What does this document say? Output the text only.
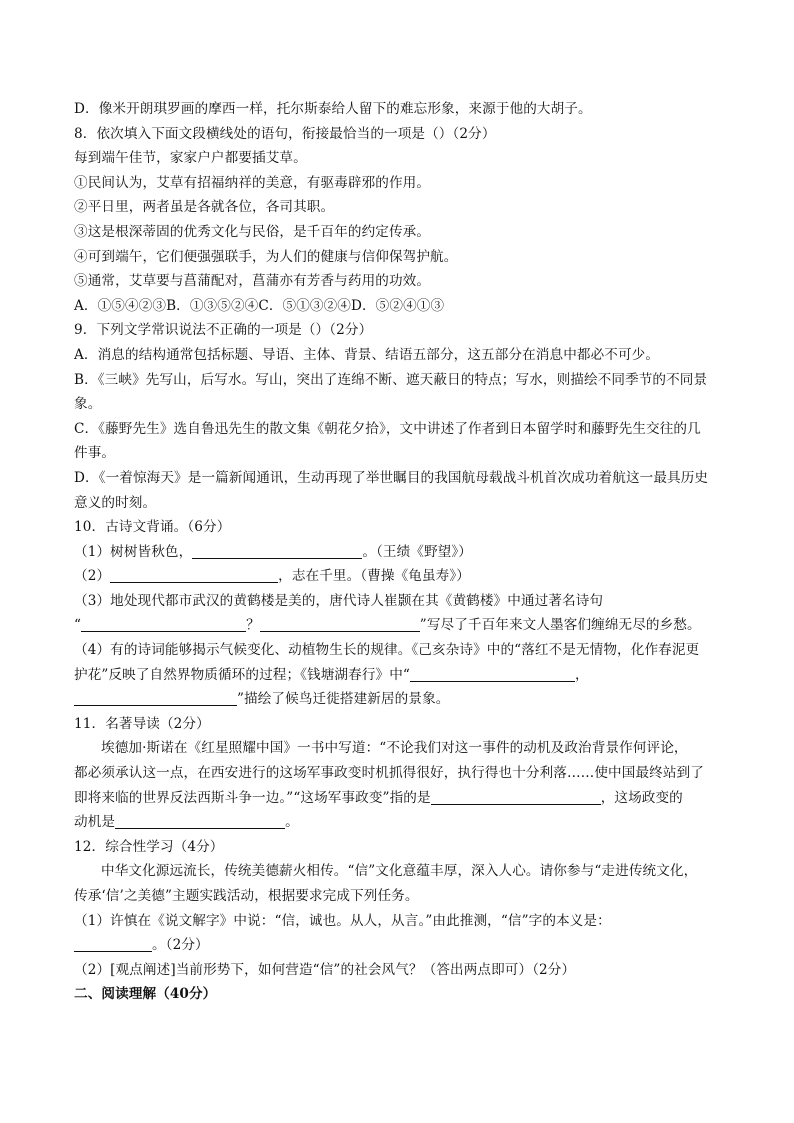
D．像米开朗琪罗画的摩西一样，托尔斯泰给人留下的难忘形象，来源于他的大胡子。
8．依次填入下面文段横线处的语句，衔接最恰当的一项是（）（2分）
每到端午佳节，家家户户都要插艾草。
①民间认为，艾草有招福纳祥的美意，有驱毒辟邪的作用。
②平日里，两者虽是各就各位，各司其职。
③这是根深蒂固的优秀文化与民俗，是千百年的约定传承。
④可到端午，它们便强强联手，为人们的健康与信仰保驾护航。
⑤通常，艾草要与菖蒲配对，菖蒲亦有芳香与药用的功效。
A．①⑤④②③B．①③⑤②④C．⑤①③②④D．⑤②④①③
9．下列文学常识说法不正确的一项是（）（2分）
A．消息的结构通常包括标题、导语、主体、背景、结语五部分，这五部分在消息中都必不可少。
B．《三峡》先写山，后写水。写山，突出了连绵不断、遮天蔽日的特点；写水，则描绘不同季节的不同景
象。
C．《藤野先生》选自鲁迅先生的散文集《朝花夕拾》，文中讲述了作者到日本留学时和藤野先生交往的几
件事。
D．《一着惊海天》是一篇新闻通讯，生动再现了举世瞩目的我国航母载战斗机首次成功着航这一最具历史
意义的时刻。
10．古诗文背诵。（6分）
（1）树树皆秋色，	。（王绩《野望》）
（2）	，志在千里。（曹操《龟虽寿》）
（3）地处现代都市武汉的黄鹤楼是美的，唐代诗人崔颢在其《黄鹤楼》中通过著名诗句
“	？	”写尽了千百年来文人墨客们缠绵无尽的乡愁。
（4）有的诗词能够揭示气候变化、动植物生长的规律。《己亥杂诗》中的“落红不是无情物，化作春泥更
护花”反映了自然界物质循环的过程；《钱塘湖春行》中“	，
”描绘了候鸟迁徙搭建新居的景象。
11．名著导读（2分）
埃德加·斯诺在《红星照耀中国》一书中写道：“不论我们对这一事件的动机及政治背景作何评论，
都必须承认这一点，在西安进行的这场军事政变时机抓得很好，执行得也十分利落……使中国最终站到了
即将来临的世界反法西斯斗争一边。”“这场军事政变”指的是	，这场政变的
动机是	。
12．综合性学习（4分）
中华文化源远流长，传统美德薪火相传。“信”文化意蕴丰厚，深入人心。请你参与“走进传统文化，
传承‘信’之美德”主题实践活动，根据要求完成下列任务。
（1）许慎在《说文解字》中说：“信，诚也。从人，从言。”由此推测，“信”字的本义是：
。（2分）
（2）[观点阐述]当前形势下，如何营造“信”的社会风气？（答出两点即可）（2分）
二、阅读理解（40分）
